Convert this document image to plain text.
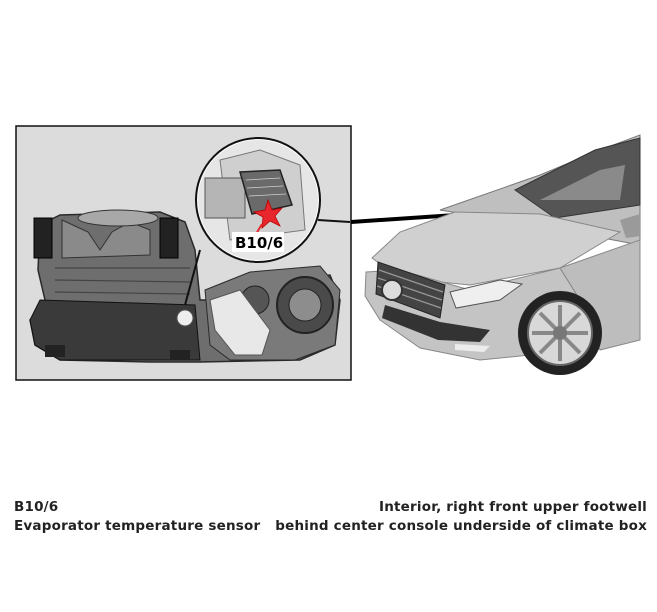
B10/6
B10/6
Evaporator temperature sensor
Interior, right front upper footwell
behind center console underside of climate box
